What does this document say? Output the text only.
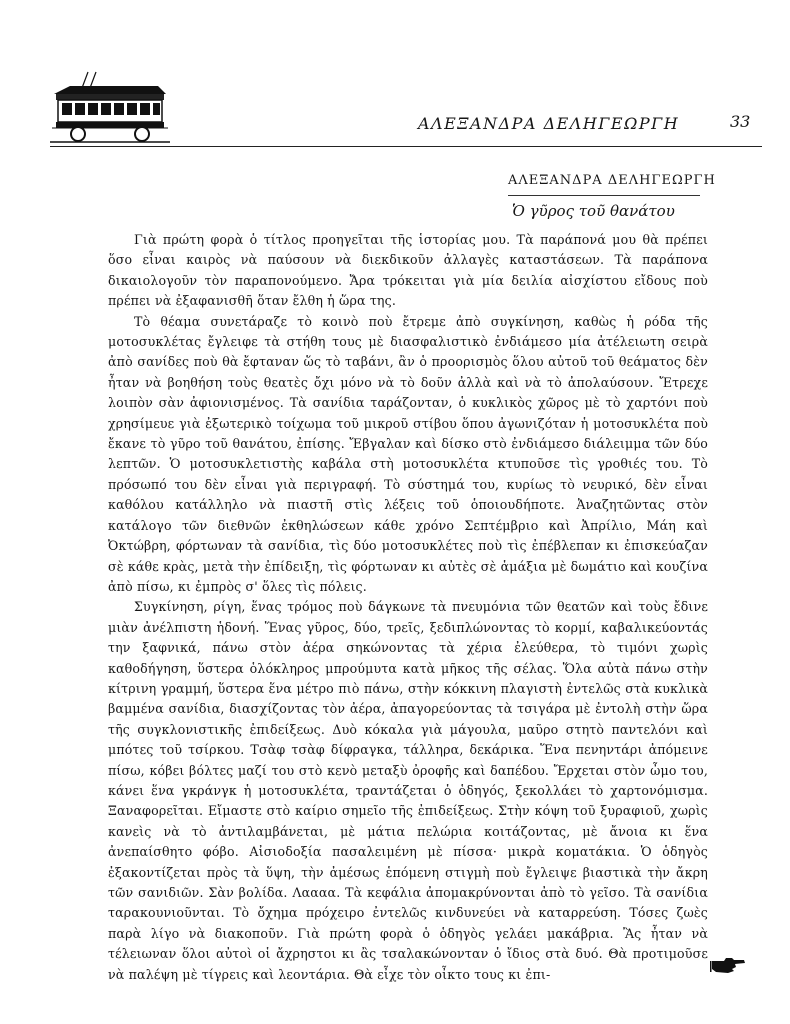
ΑΛΕΞΑΝΔΡΑ ΔΕΛΗΓΕΩΡΓΗ	33
ΑΛΕΞΑΝΔΡΑ ΔΕΛΗΓΕΩΡΓΗ
Ὁ γῦρος τοῦ θανάτου

Γιὰ πρώτη φορὰ ὁ τίτλος προηγεῖται τῆς ἱστορίας μου. Τὰ παράπονά μου θὰ πρέπει ὅσο εἶναι καιρὸς νὰ παύσουν νὰ διεκδικοῦν ἀλλαγὲς καταστάσεων. Τὰ παράπονα δικαιολογοῦν τὸν παραπονούμενο. Ἄρα τρόκειται γιὰ μία δειλία αἰσχίστου εἴδους ποὺ πρέπει νὰ ἐξαφανισθῆ ὅταν ἔλθη ἡ ὥρα της.

Τὸ θέαμα συνετάραζε τὸ κοινὸ ποὺ ἔτρεμε ἀπὸ συγκίνηση, καθὼς ἡ ρόδα τῆς μοτοσυκλέτας ἔγλειφε τὰ στήθη τους μὲ διασφαλιστικὸ ἐνδιάμεσο μία ἀτέλειωτη σειρὰ ἀπὸ σανίδες ποὺ θὰ ἔφταναν ὥς τὸ ταβάνι, ἂν ὁ προορισμὸς ὅλου αὐτοῦ τοῦ θεάματος δὲν ἦταν νὰ βοηθήση τοὺς θεατὲς ὄχι μόνο νὰ τὸ δοῦν ἀλλὰ καὶ νὰ τὸ ἀπολαύσουν. Ἔτρεχε λοιπὸν σὰν ἀφιονισμένος. Τὰ σανίδια ταράζονταν, ὁ κυκλικὸς χῶρος μὲ τὸ χαρτόνι ποὺ χρησίμευε γιὰ ἐξωτερικὸ τοίχωμα τοῦ μικροῦ στίβου ὅπου ἀγωνιζόταν ἡ μοτοσυκλέτα ποὺ ἔκανε τὸ γῦρο τοῦ θανάτου, ἐπίσης. Ἔβγαλαν καὶ δίσκο στὸ ἐνδιάμεσο διάλειμμα τῶν δύο λεπτῶν. Ὁ μοτοσυκλετιστὴς καβάλα στὴ μοτοσυκλέτα κτυποῦσε τὶς γροθιές του. Τὸ πρόσωπό του δὲν εἶναι γιὰ περιγραφή. Τὸ σύστημά του, κυρίως τὸ νευρικό, δὲν εἶναι καθόλου κατάλληλο νὰ πιαστῆ στὶς λέξεις τοῦ ὁποιουδήποτε. Ἀναζητῶντας στὸν κατάλογο τῶν διεθνῶν ἐκθηλώσεων κάθε χρόνο Σεπτέμβριο καὶ Ἀπρίλιο, Μάη καὶ Ὀκτώβρη, φόρτωναν τὰ σανίδια, τὶς δύο μοτοσυκλέτες ποὺ τὶς ἐπέβλεπαν κι ἐπισκεύαζαν σὲ κάθε κρὰς, μετὰ τὴν ἐπίδειξη, τὶς φόρτωναν κι αὐτὲς σὲ ἁμάξια μὲ δωμάτιο καὶ κουζίνα ἀπὸ πίσω, κι ἐμπρὸς σ' ὅλες τὶς πόλεις.

Συγκίνηση, ρίγη, ἕνας τρόμος ποὺ δάγκωνε τὰ πνευμόνια τῶν θεατῶν καὶ τοὺς ἔδινε μιὰν ἀνέλπιστη ἡδονή. Ἕνας γῦρος, δύο, τρεῖς, ξεδιπλώνοντας τὸ κορμί, καβαλικεύοντάς την ξαφνικά, πάνω στὸν ἀέρα σηκώνοντας τὰ χέρια ἐλεύθερα, τὸ τιμόνι χωρὶς καθοδήγηση, ὕστερα ὁλόκληρος μπρούμυτα κατὰ μῆκος τῆς σέλας. Ὅλα αὐτὰ πάνω στὴν κίτρινη γραμμή, ὕστερα ἕνα μέτρο πιὸ πάνω, στὴν κόκκινη πλαγιστὴ ἐντελῶς στὰ κυκλικὰ βαμμένα σανίδια, διασχίζοντας τὸν ἀέρα, ἀπαγορεύοντας τὰ τσιγάρα μὲ ἐντολὴ στὴν ὥρα τῆς συγκλονιστικῆς ἐπιδείξεως. Δυὸ κόκαλα γιὰ μάγουλα, μαῦρο στητὸ παντελόνι καὶ μπότες τοῦ τσίρκου. Τσὰφ τσὰφ δίφραγκα, τάλληρα, δεκάρικα. Ἕνα πενηντάρι ἀπόμεινε πίσω, κόβει βόλτες μαζί του στὸ κενὸ μεταξὺ ὀροφῆς καὶ δαπέδου. Ἔρχεται στὸν ὦμο του, κάνει ἕνα γκράνγκ ἡ μοτοσυκλέτα, τραντάζεται ὁ ὁδηγός, ξεκολλάει τὸ χαρτονόμισμα. Ξαναφορεῖται. Εἴμαστε στὸ καίριο σημεῖο τῆς ἐπιδείξεως. Στὴν κόψη τοῦ ξυραφιοῦ, χωρὶς κανεὶς νὰ τὸ ἀντιλαμβάνεται, μὲ μάτια πελώρια κοιτάζοντας, μὲ ἄνοια κι ἕνα ἀνεπαίσθητο φόβο. Αἰσιοδοξία πασαλειμένη μὲ πίσσα· μικρὰ κοματάκια. Ὁ ὁδηγὸς ἐξακοντίζεται πρὸς τὰ ὕψη, τὴν ἀμέσως ἑπόμενη στιγμὴ ποὺ ἔγλειψε βιαστικὰ τὴν ἄκρη τῶν σανιδιῶν. Σὰν βολίδα. Λαααα. Τὰ κεφάλια ἀπομακρύνονται ἀπὸ τὸ γεῖσο. Τὰ σανίδια ταρακουνιοῦνται. Τὸ ὄχημα πρόχειρο ἐντελῶς κινδυνεύει νὰ καταρρεύση. Τόσες ζωὲς παρὰ λίγο νὰ διακοποῦν. Γιὰ πρώτη φορὰ ὁ ὁδηγὸς γελάει μακάβρια. Ἂς ἦταν νὰ τέλειωναν ὅλοι αὐτοὶ οἱ ἄχρηστοι κι ἂς τσαλακώνονταν ὁ ἴδιος στὰ δυό. Θὰ προτιμοῦσε νὰ παλέψη μὲ τίγρεις καὶ λεοντάρια. Θὰ εἶχε τὸν οἶκτο τους κι ἐπι-
